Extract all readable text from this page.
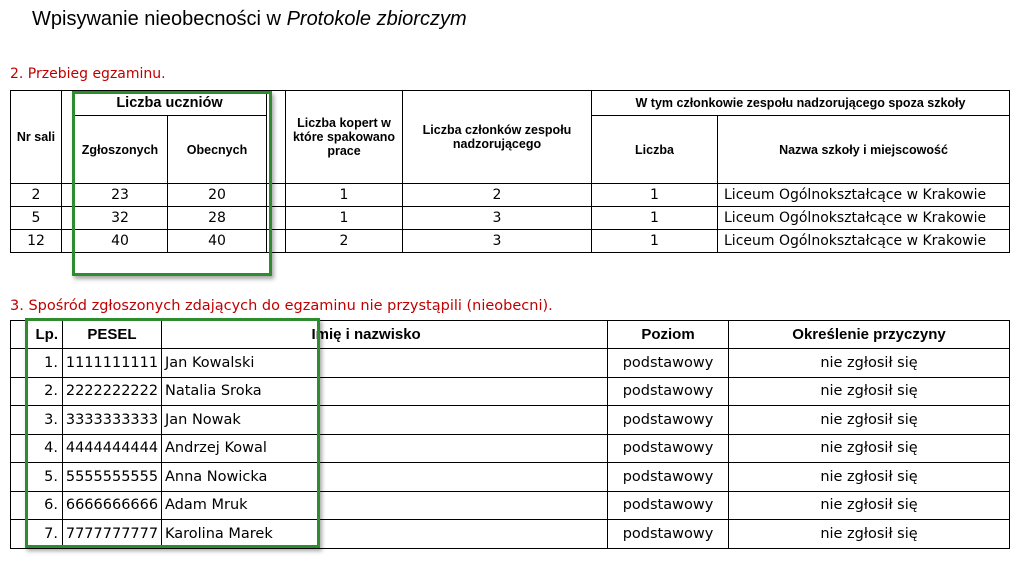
Wpisywanie nieobecności w Protokole zbiorczym
2. Przebieg egzaminu.
Nr sali		Liczba uczniów			Liczba kopert w które spakowano prace	Liczba członków zespołu nadzorującego	W tym członkowie zespołu nadzorującego spoza szkoły	
		Zgłoszonych	Obecnych				Liczba	Nazwa szkoły i miejscowość
2		23	20		1	2	1	Liceum Ogólnokształcące w Krakowie
5		32	28		1	3	1	Liceum Ogólnokształcące w Krakowie
12		40	40		2	3	1	Liceum Ogólnokształcące w Krakowie
3. Spośród zgłoszonych zdających do egzaminu nie przystąpili (nieobecni).
Lp.	PESEL		Imię i nazwisko	Poziom	Określenie przyczyny
1.	1111111111	Jan Kowalski		podstawowy	nie zgłosił się
2.	2222222222	Natalia Sroka		podstawowy	nie zgłosił się
3.	3333333333	Jan Nowak		podstawowy	nie zgłosił się
4.	4444444444	Andrzej Kowal		podstawowy	nie zgłosił się
5.	5555555555	Anna Nowicka		podstawowy	nie zgłosił się
6.	6666666666	Adam Mruk		podstawowy	nie zgłosił się
7.	7777777777	Karolina Marek		podstawowy	nie zgłosił się
